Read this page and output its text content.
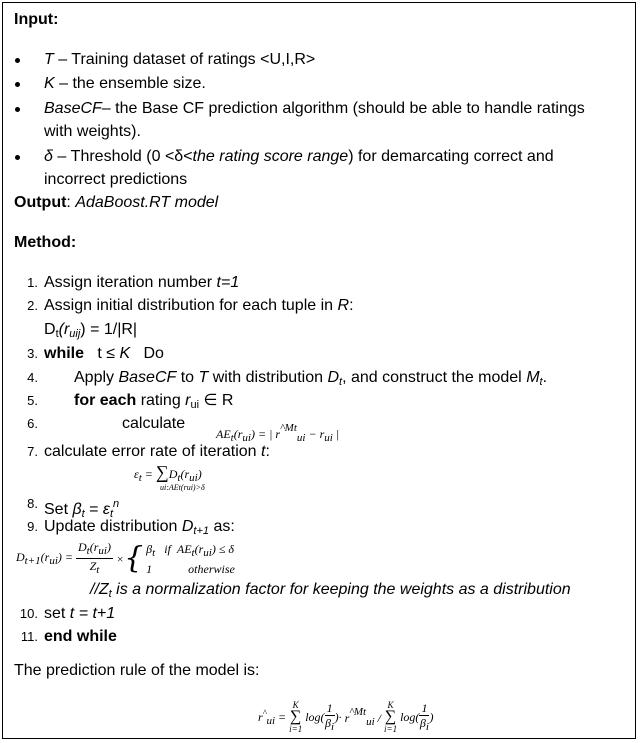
Input:
T – Training dataset of ratings <U,I,R>
K – the ensemble size.
BaseCF– the Base CF prediction algorithm (should be able to handle ratings
with weights).
δ – Threshold (0 <δ<the rating score range) for demarcating correct and
incorrect predictions
Output: AdaBoost.RT model
Method:
1. Assign iteration number t=1
2. Assign initial distribution for each tuple in R:
$D_t(r_{uij}) = 1/|R|$
3. while t ≤ K Do
4. Apply BaseCF to T with distribution $D_t$, and construct the model $M_t$.
5. for each rating $r_{ui}$ ∈ R
6.	calculate
AEt(rui) = | r^Mtui − rui |
7. calculate error rate of iteration t:
εt = ∑Dt(rui)
ui:AEt(rui)>δ
8. Set $\beta_t = \varepsilon_t^n$
9. Update distribution $D_{t+1}$ as:
$Dt+1(rui) = \frac{\text{Dt(rui)}}{Zt}$ ×{ βt if AEt(rui) ≤ δ
1	otherwise
$//Z_t$ is a normalization factor for keeping the weights as a distribution
10. set t = t+1
11. end while
The prediction rule of the model is:
r^ui =
K
∑
i=1
$\log( \frac{1}{\beta i}$ )· r^Mtui /
K
∑
i=1
$\log( \frac{1}{\beta i}$ )
